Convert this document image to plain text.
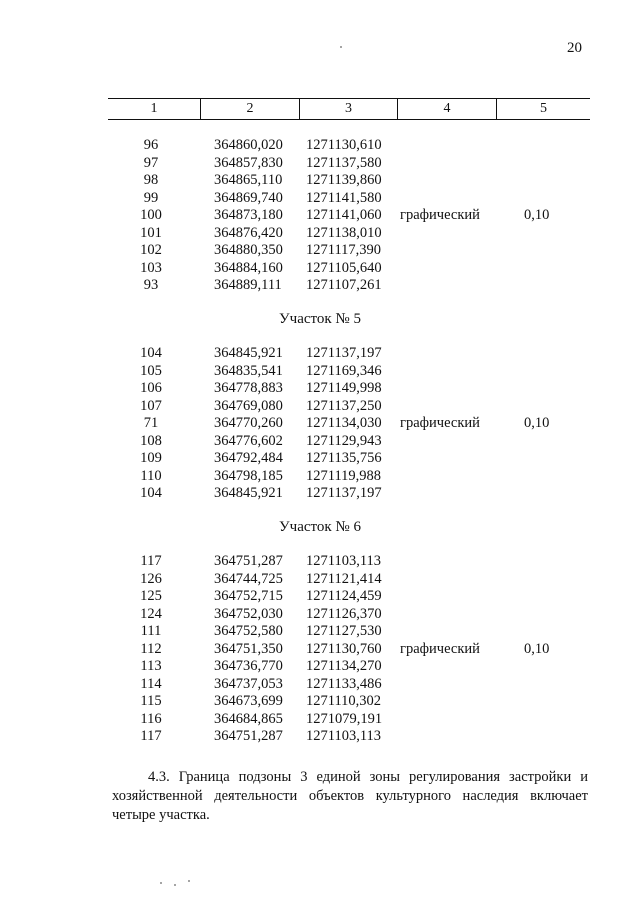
20
1	2	3	4	5
96	364860,020 1271130,610
97	364857,830 1271137,580
98	364865,110 1271139,860
99	364869,740 1271141,580
100	364873,180 1271141,060 графический	0,10
101	364876,420 1271138,010
102	364880,350 1271117,390
103	364884,160 1271105,640
93	364889,111 1271107,261
Участок № 5
104	364845,921 1271137,197
105	364835,541 1271169,346
106	364778,883 1271149,998
107	364769,080 1271137,250
71	364770,260 1271134,030 графический	0,10
108	364776,602 1271129,943
109	364792,484 1271135,756
110	364798,185 1271119,988
104	364845,921 1271137,197
Участок № 6
117	364751,287 1271103,113
126	364744,725 1271121,414
125	364752,715 1271124,459
124	364752,030 1271126,370
111	364752,580 1271127,530
112	364751,350 1271130,760 графический	0,10
113	364736,770 1271134,270
114	364737,053 1271133,486
115	364673,699 1271110,302
116	364684,865 1271079,191
117	364751,287 1271103,113
4.3. Граница подзоны 3 единой зоны регулирования застройки и хозяйственной деятельности объектов культурного наследия включает четыре участка.
